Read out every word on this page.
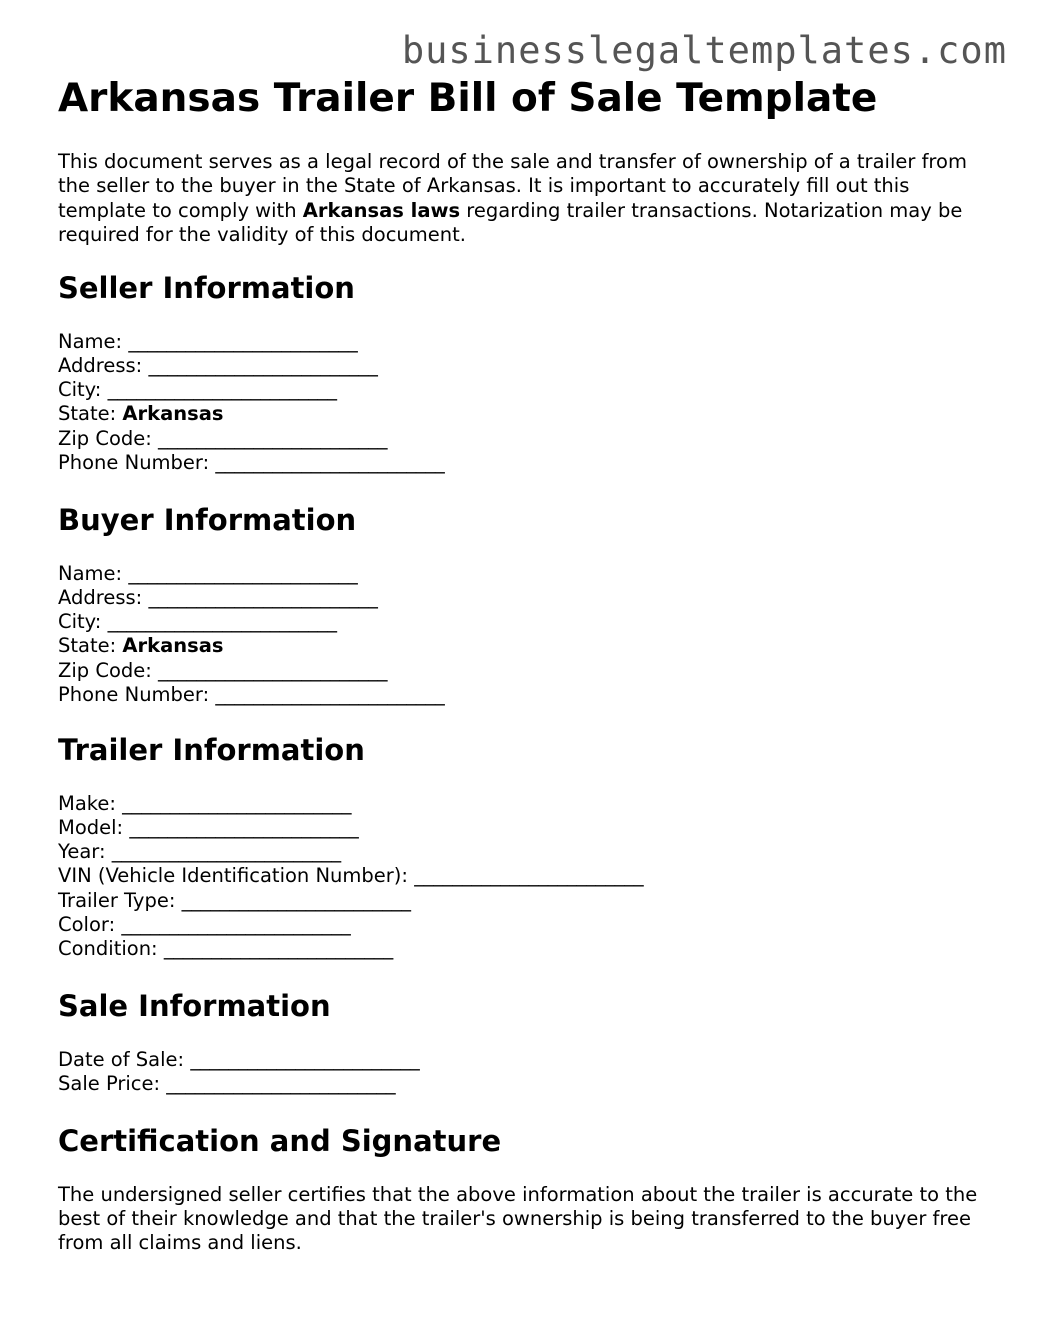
businesslegaltemplates.com
Arkansas Trailer Bill of Sale Template

This document serves as a legal record of the sale and transfer of ownership of a trailer from the seller to the buyer in the State of Arkansas. It is important to accurately fill out this template to comply with Arkansas laws regarding trailer transactions. Notarization may be required for the validity of this document.

Seller Information
Name: ________________________
Address: ________________________
City: ________________________
State: Arkansas
Zip Code: ________________________
Phone Number: ________________________
Buyer Information
Name: ________________________
Address: ________________________
City: ________________________
State: Arkansas
Zip Code: ________________________
Phone Number: ________________________
Trailer Information
Make: ________________________
Model: ________________________
Year: ________________________
VIN (Vehicle Identification Number): ________________________
Trailer Type: ________________________
Color: ________________________
Condition: ________________________
Sale Information
Date of Sale: ________________________
Sale Price: ________________________
Certification and Signature

The undersigned seller certifies that the above information about the trailer is accurate to the best of their knowledge and that the trailer's ownership is being transferred to the buyer free from all claims and liens.
